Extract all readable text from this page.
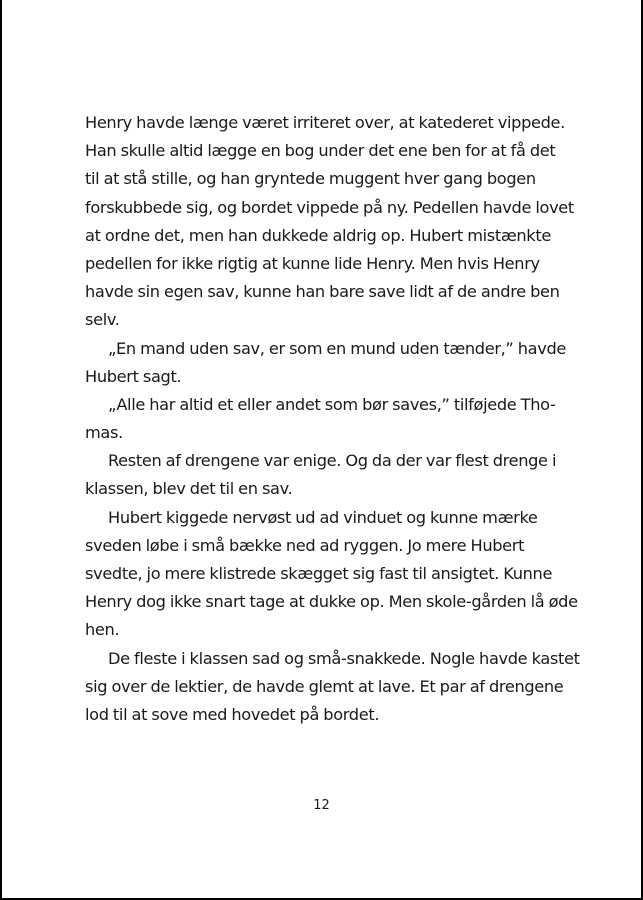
Henry havde længe været irriteret over, at katederet vippede.
Han skulle altid lægge en bog under det ene ben for at få det
til at stå stille, og han gryntede muggent hver gang bogen
forskubbede sig, og bordet vippede på ny. Pedellen havde lovet
at ordne det, men han dukkede aldrig op. Hubert mistænkte
pedellen for ikke rigtig at kunne lide Henry. Men hvis Henry
havde sin egen sav, kunne han bare save lidt af de andre ben
selv.
„En mand uden sav, er som en mund uden tænder,” havde
Hubert sagt.
„Alle har altid et eller andet som bør saves,” tilføjede Tho-
mas.
Resten af drengene var enige. Og da der var flest drenge i
klassen, blev det til en sav.
Hubert kiggede nervøst ud ad vinduet og kunne mærke
sveden løbe i små bække ned ad ryggen. Jo mere Hubert
svedte, jo mere klistrede skægget sig fast til ansigtet. Kunne
Henry dog ikke snart tage at dukke op. Men skole-gården lå øde
hen.
De fleste i klassen sad og små-snakkede. Nogle havde kastet
sig over de lektier, de havde glemt at lave. Et par af drengene
lod til at sove med hovedet på bordet.
12
